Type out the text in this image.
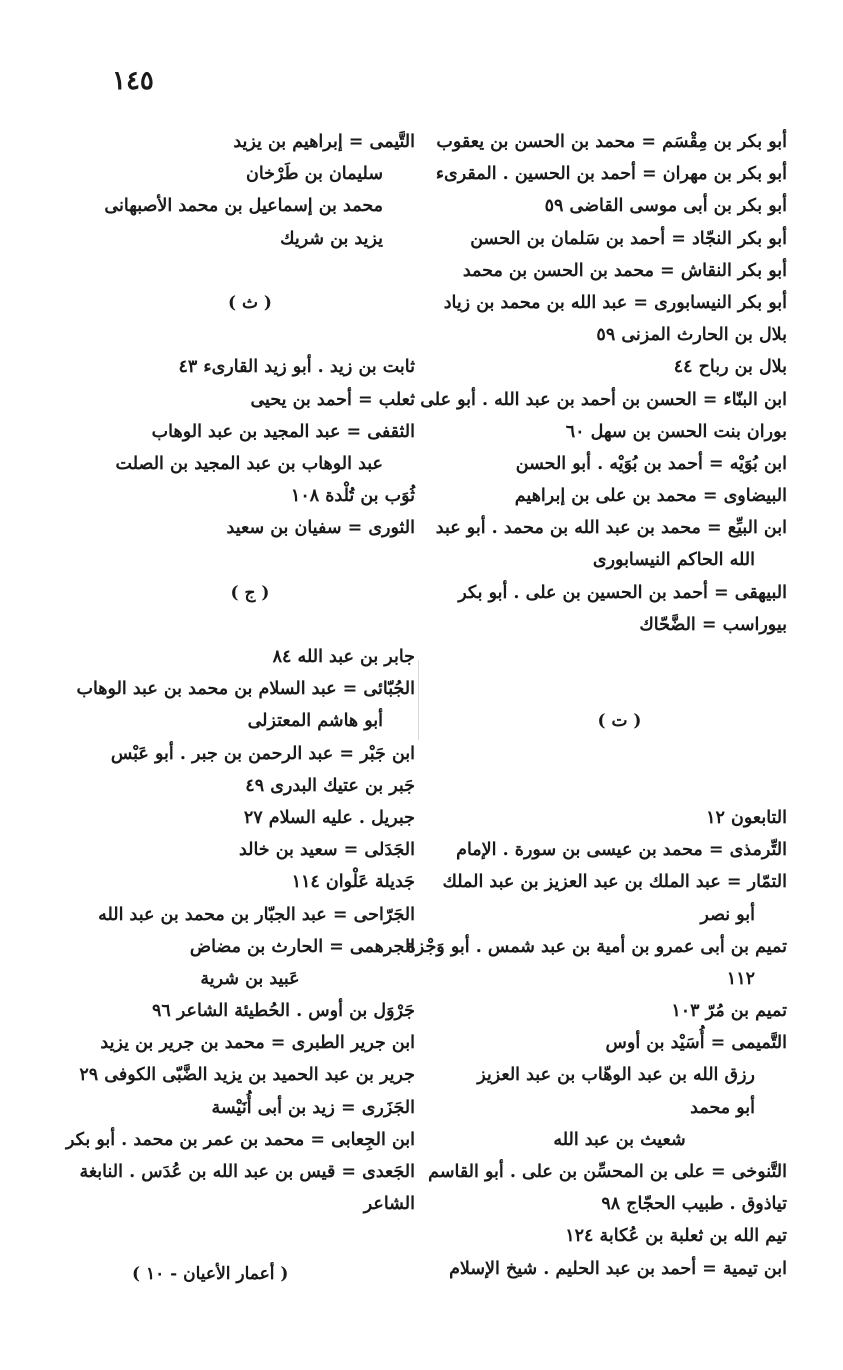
١٤٥
أبو بكر بن مِقْسَم = محمد بن الحسن بن يعقوب
أبو بكر بن مهران = أحمد بن الحسين . المقرىء
أبو بكر بن أبى موسى القاضى ٥٩
أبو بكر النجّاد = أحمد بن سَلمان بن الحسن
أبو بكر النقاش = محمد بن الحسن بن محمد
أبو بكر النيسابورى = عبد الله بن محمد بن زياد
بلال بن الحارث المزنى ٥٩
بلال بن رباح ٤٤
ابن البنّاء = الحسن بن أحمد بن عبد الله . أبو على
بوران بنت الحسن بن سهل ٦٠
ابن بُوَيْه = أحمد بن بُوَيْه . أبو الحسن
البيضاوى = محمد بن على بن إبراهيم
ابن البيِّع = محمد بن عبد الله بن محمد . أبو عبد
الله الحاكم النيسابورى
البيهقى = أحمد بن الحسين بن على . أبو بكر
بيوراسب = الضَّحّاك
( ت )
التابعون ١٢
التِّرمذى = محمد بن عيسى بن سورة . الإمام
التمّار = عبد الملك بن عبد العزيز بن عبد الملك
أبو نصر
تميم بن أبى عمرو بن أمية بن عبد شمس . أبو وَجْزة
١١٢
تميم بن مُرّ ١٠٣
التَّميمى = أُسَيْد بن أوس
رزق الله بن عبد الوهّاب بن عبد العزيز
أبو محمد
شعيث بن عبد الله
التَّنوخى = على بن المحسِّن بن على . أبو القاسم
تياذوق . طبيب الحجّاج ٩٨
تيم الله بن ثعلبة بن عُكابة ١٢٤
ابن تيمية = أحمد بن عبد الحليم . شيخ الإسلام
التَّيمى = إبراهيم بن يزيد
سليمان بن طَرْخان
محمد بن إسماعيل بن محمد الأصبهانى
يزيد بن شريك
( ث )
ثابت بن زيد . أبو زيد القارىء ٤٣
ثعلب = أحمد بن يحيى
الثقفى = عبد المجيد بن عبد الوهاب
عبد الوهاب بن عبد المجيد بن الصلت
ثُوَب بن تُلْدة ١٠٨
الثورى = سفيان بن سعيد
( ج )
جابر بن عبد الله ٨٤
الجُبّائى = عبد السلام بن محمد بن عبد الوهاب
أبو هاشم المعتزلى
ابن جَبْر = عبد الرحمن بن جبر . أبو عَبْس
جَبر بن عتيك البدرى ٤٩
جبريل . عليه السلام ٢٧
الجَدَلى = سعيد بن خالد
جَديلة عَلْوان ١١٤
الجَرّاحى = عبد الجبّار بن محمد بن عبد الله
الجرهمى = الحارث بن مضاض
عَبيد بن شرية
جَرْوَل بن أوس . الحُطيئة الشاعر ٩٦
ابن جرير الطبرى = محمد بن جرير بن يزيد
جرير بن عبد الحميد بن يزيد الضَّبّى الكوفى ٢٩
الجَزَرى = زيد بن أبى أُنَيْسة
ابن الجِعابى = محمد بن عمر بن محمد . أبو بكر
الجَعدى = قيس بن عبد الله بن عُدَس . النابغة
الشاعر
( أعمار الأعيان - ١٠ )
